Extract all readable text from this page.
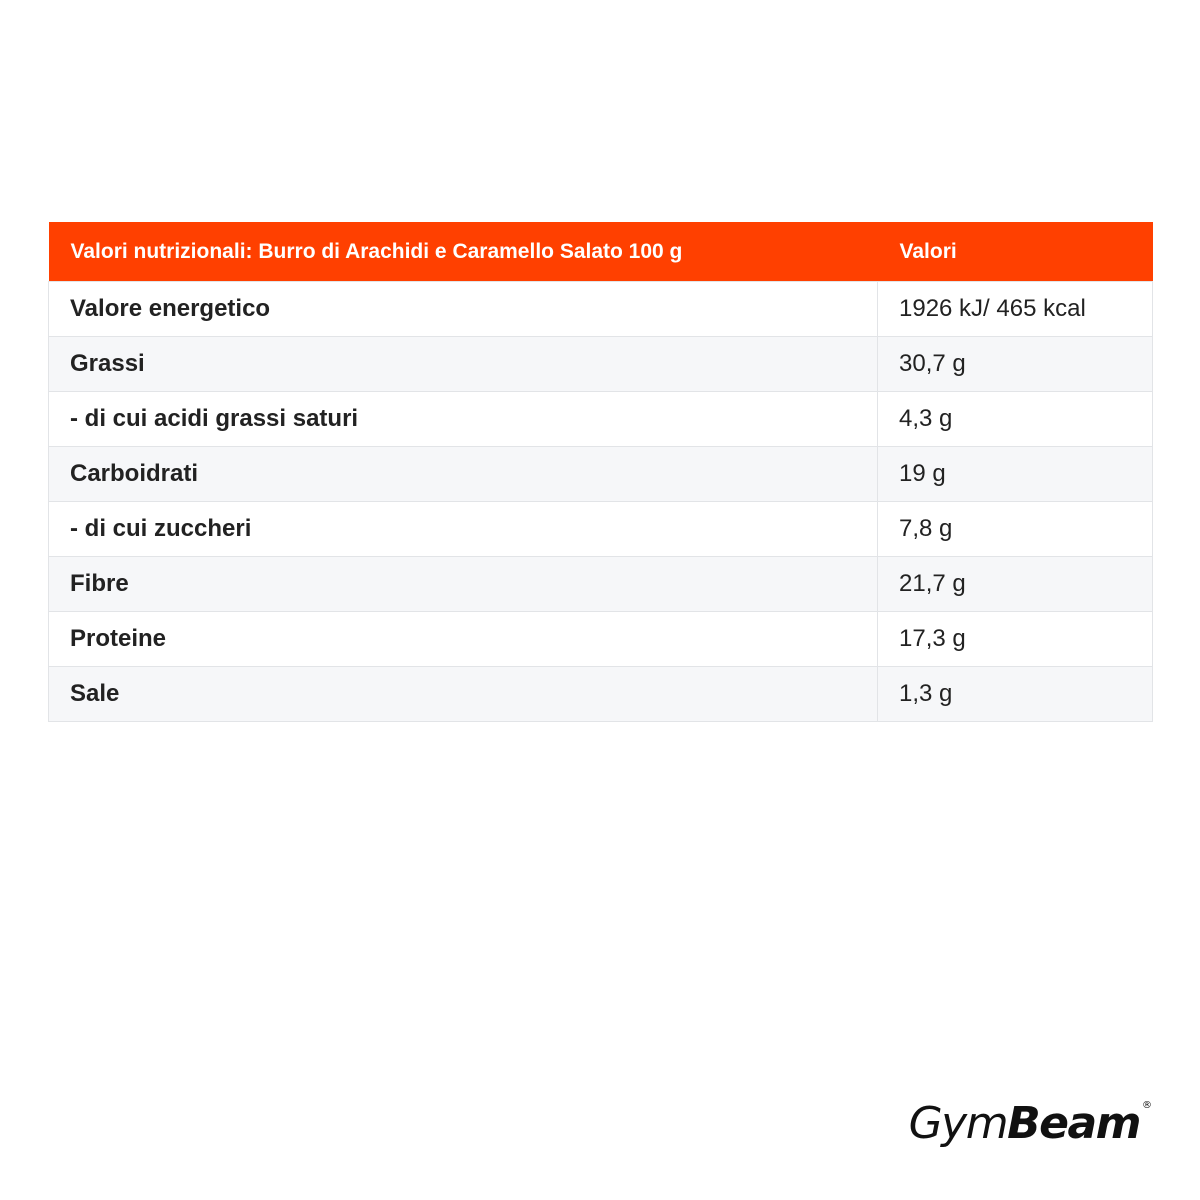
Valori nutrizionali: Burro di Arachidi e Caramello Salato 100 g	Valori
Valore energetico	1926 kJ/ 465 kcal
Grassi	30,7 g
- di cui acidi grassi saturi	4,3 g
Carboidrati	19 g
- di cui zuccheri	7,8 g
Fibre	21,7 g
Proteine	17,3 g
Sale	1,3 g
Gym Beam ®
